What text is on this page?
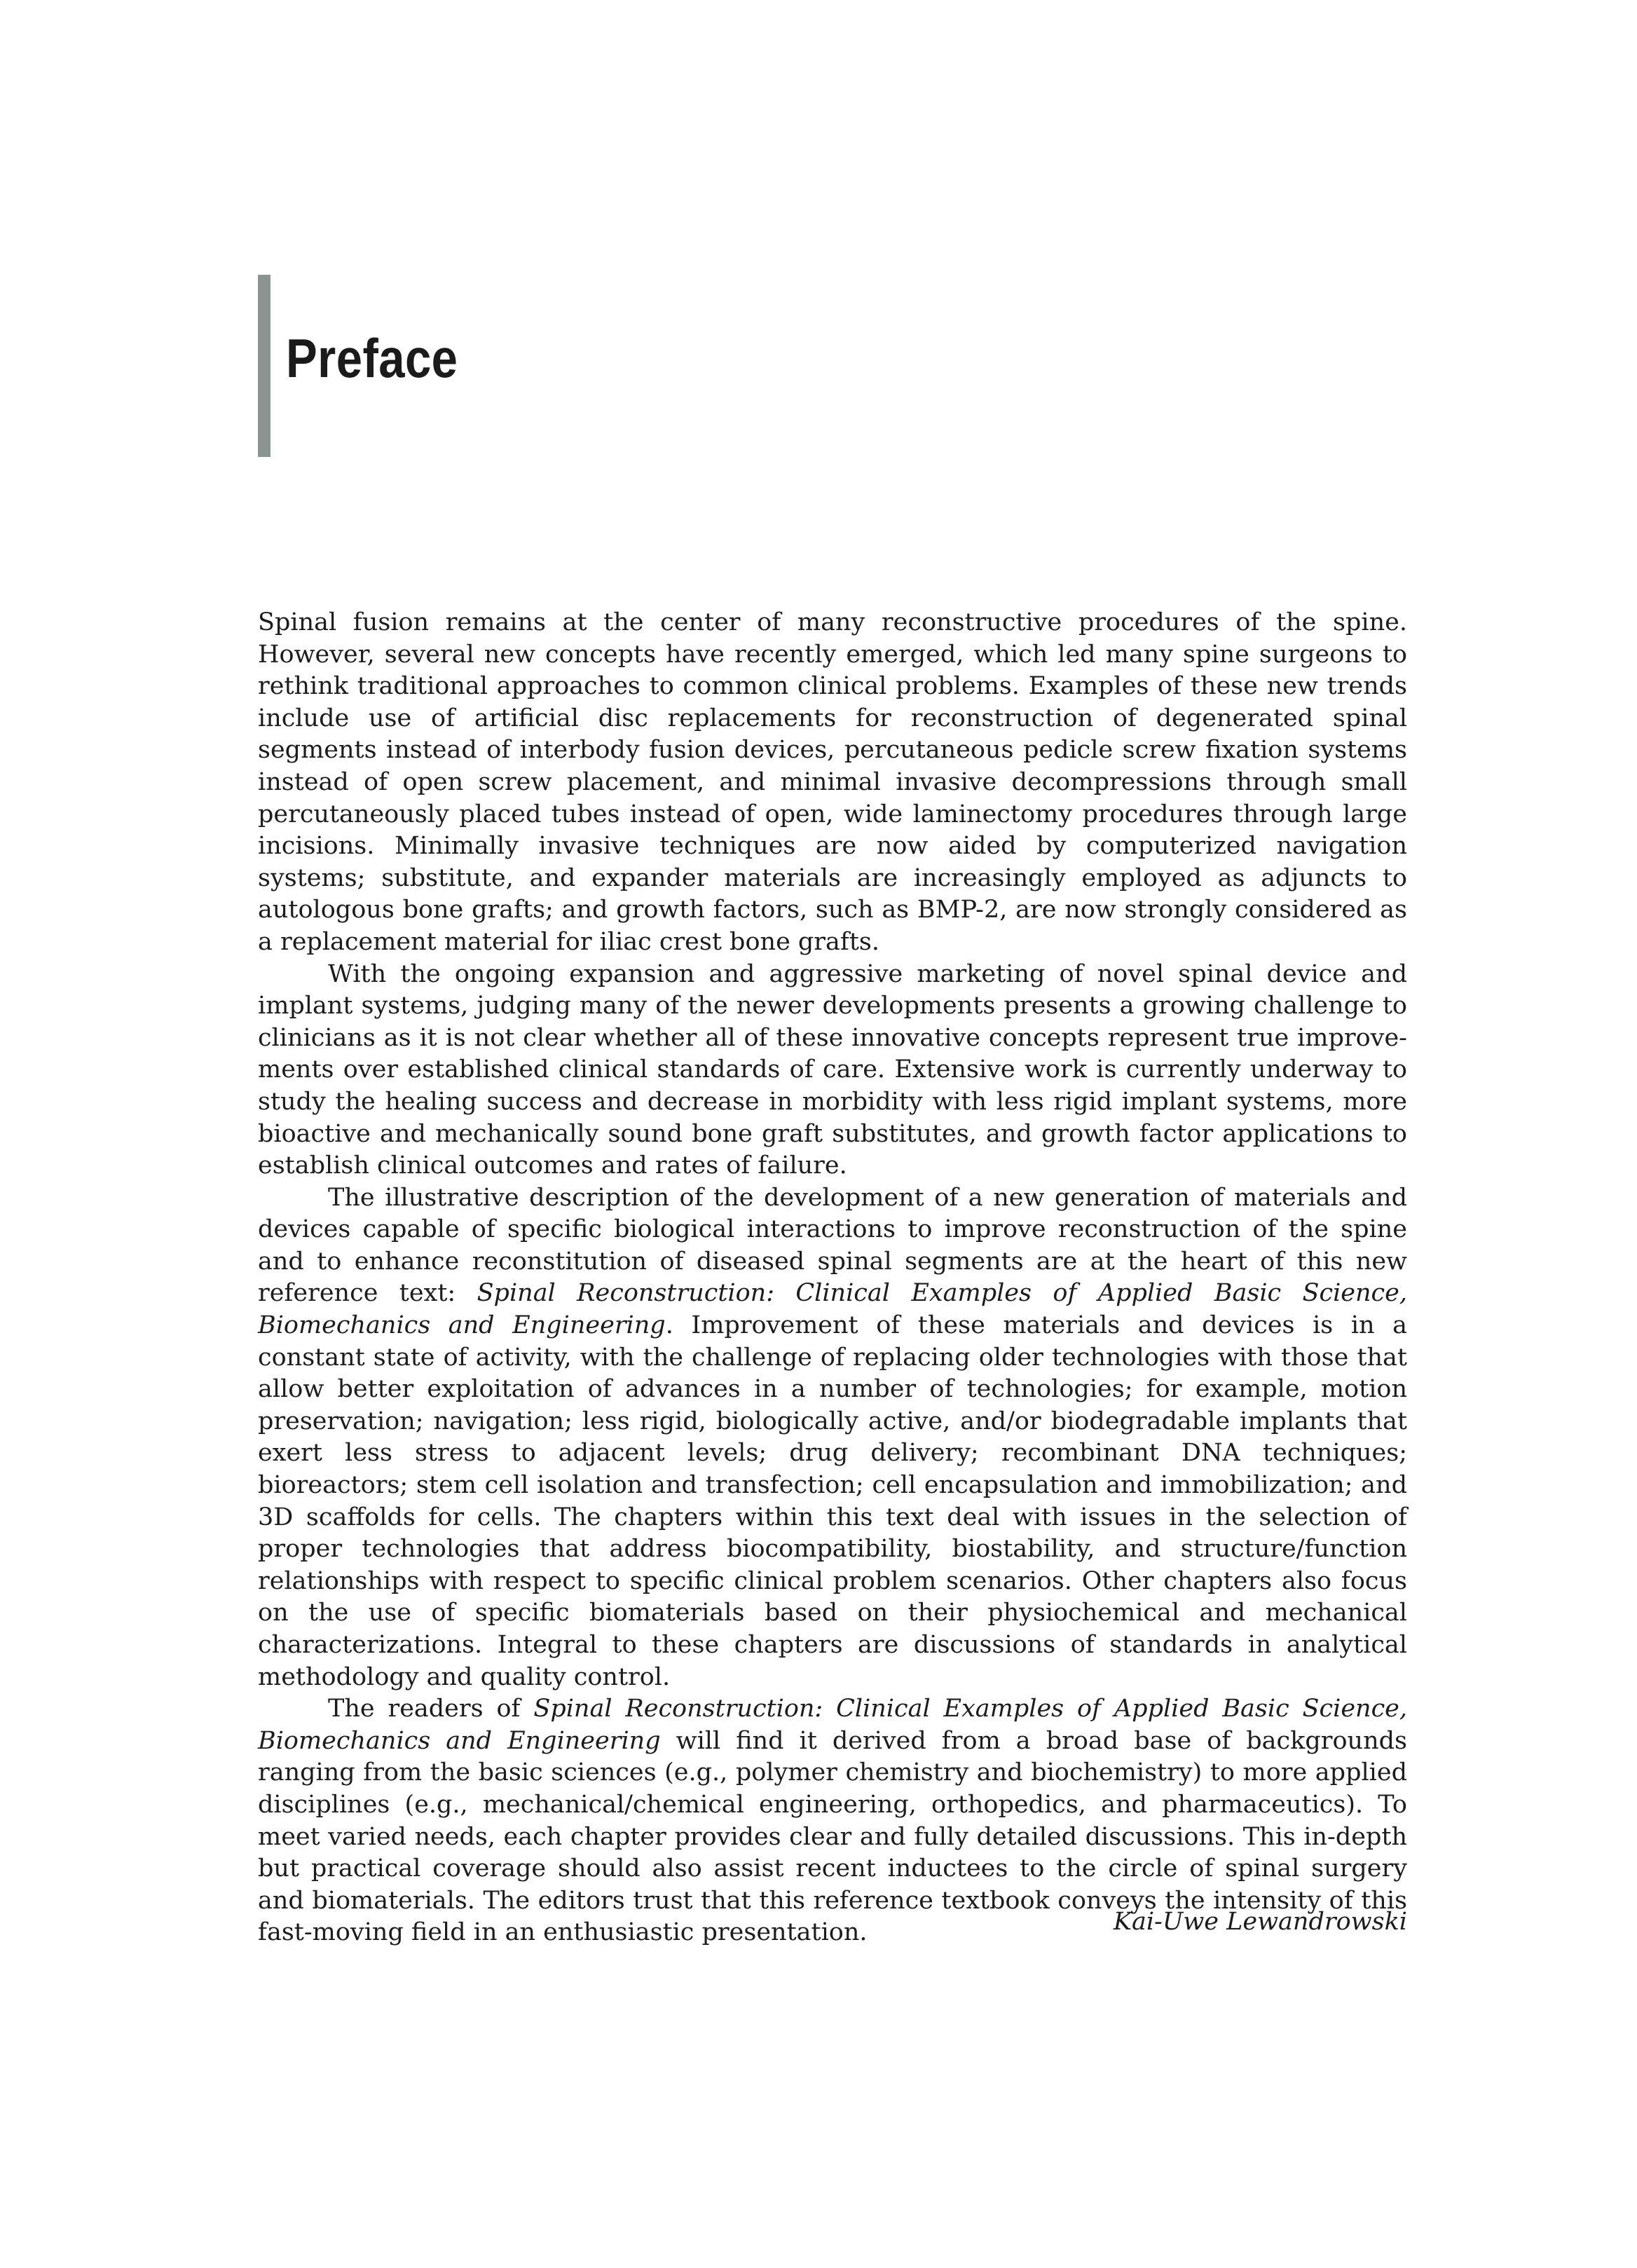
Preface

Spinal fusion remains at the center of many reconstructive procedures of the spine. However, several new concepts have recently emerged, which led many spine surgeons to rethink traditional approaches to common clinical problems. Examples of these new trends include use of artificial disc replacements for reconstruction of degenerated spinal segments instead of interbody fusion devices, percutaneous pedicle screw fixation systems instead of open screw placement, and minimal invasive decompressions through small percutaneously placed tubes instead of open, wide laminectomy procedures through large incisions. Minimally invasive techniques are now aided by computerized navigation systems; substitute, and expander materials are increasingly employed as adjuncts to autologous bone grafts; and growth factors, such as BMP-2, are now strongly considered as a replacement material for iliac crest bone grafts.

With the ongoing expansion and aggressive marketing of novel spinal device and implant systems, judging many of the newer developments presents a growing challenge to clinicians as it is not clear whether all of these innovative concepts represent true improvements over established clinical standards of care. Extensive work is currently underway to study the healing success and decrease in morbidity with less rigid implant systems, more bioactive and mechanically sound bone graft substitutes, and growth factor applications to establish clinical outcomes and rates of failure.

The illustrative description of the development of a new generation of materials and devices capable of specific biological interactions to improve reconstruction of the spine and to enhance reconstitution of diseased spinal segments are at the heart of this new reference text: Spinal Reconstruction: Clinical Examples of Applied Basic Science, Biomechanics and Engineering. Improvement of these materials and devices is in a constant state of activity, with the challenge of replacing older technologies with those that allow better exploitation of advances in a number of technologies; for example, motion preservation; navigation; less rigid, biologically active, and/or biodegradable implants that exert less stress to adjacent levels; drug delivery; recombinant DNA techniques; bioreactors; stem cell isolation and transfection; cell encapsulation and immobilization; and 3D scaffolds for cells. The chapters within this text deal with issues in the selection of proper technologies that address biocompatibility, biostability, and structure/function relationships with respect to specific clinical problem scenarios. Other chapters also focus on the use of specific biomaterials based on their physiochemical and mechanical characterizations. Integral to these chapters are discussions of standards in analytical methodology and quality control.

The readers of Spinal Reconstruction: Clinical Examples of Applied Basic Science, Biomechanics and Engineering will find it derived from a broad base of backgrounds ranging from the basic sciences (e.g., polymer chemistry and biochemistry) to more applied disciplines (e.g., mechanical/chemical engineering, orthopedics, and pharmaceutics). To meet varied needs, each chapter provides clear and fully detailed discussions. This in-depth but practical coverage should also assist recent inductees to the circle of spinal surgery and biomaterials. The editors trust that this reference textbook conveys the intensity of this fast-moving field in an enthusiastic presentation.	Kai-Uwe Lewandrowski
